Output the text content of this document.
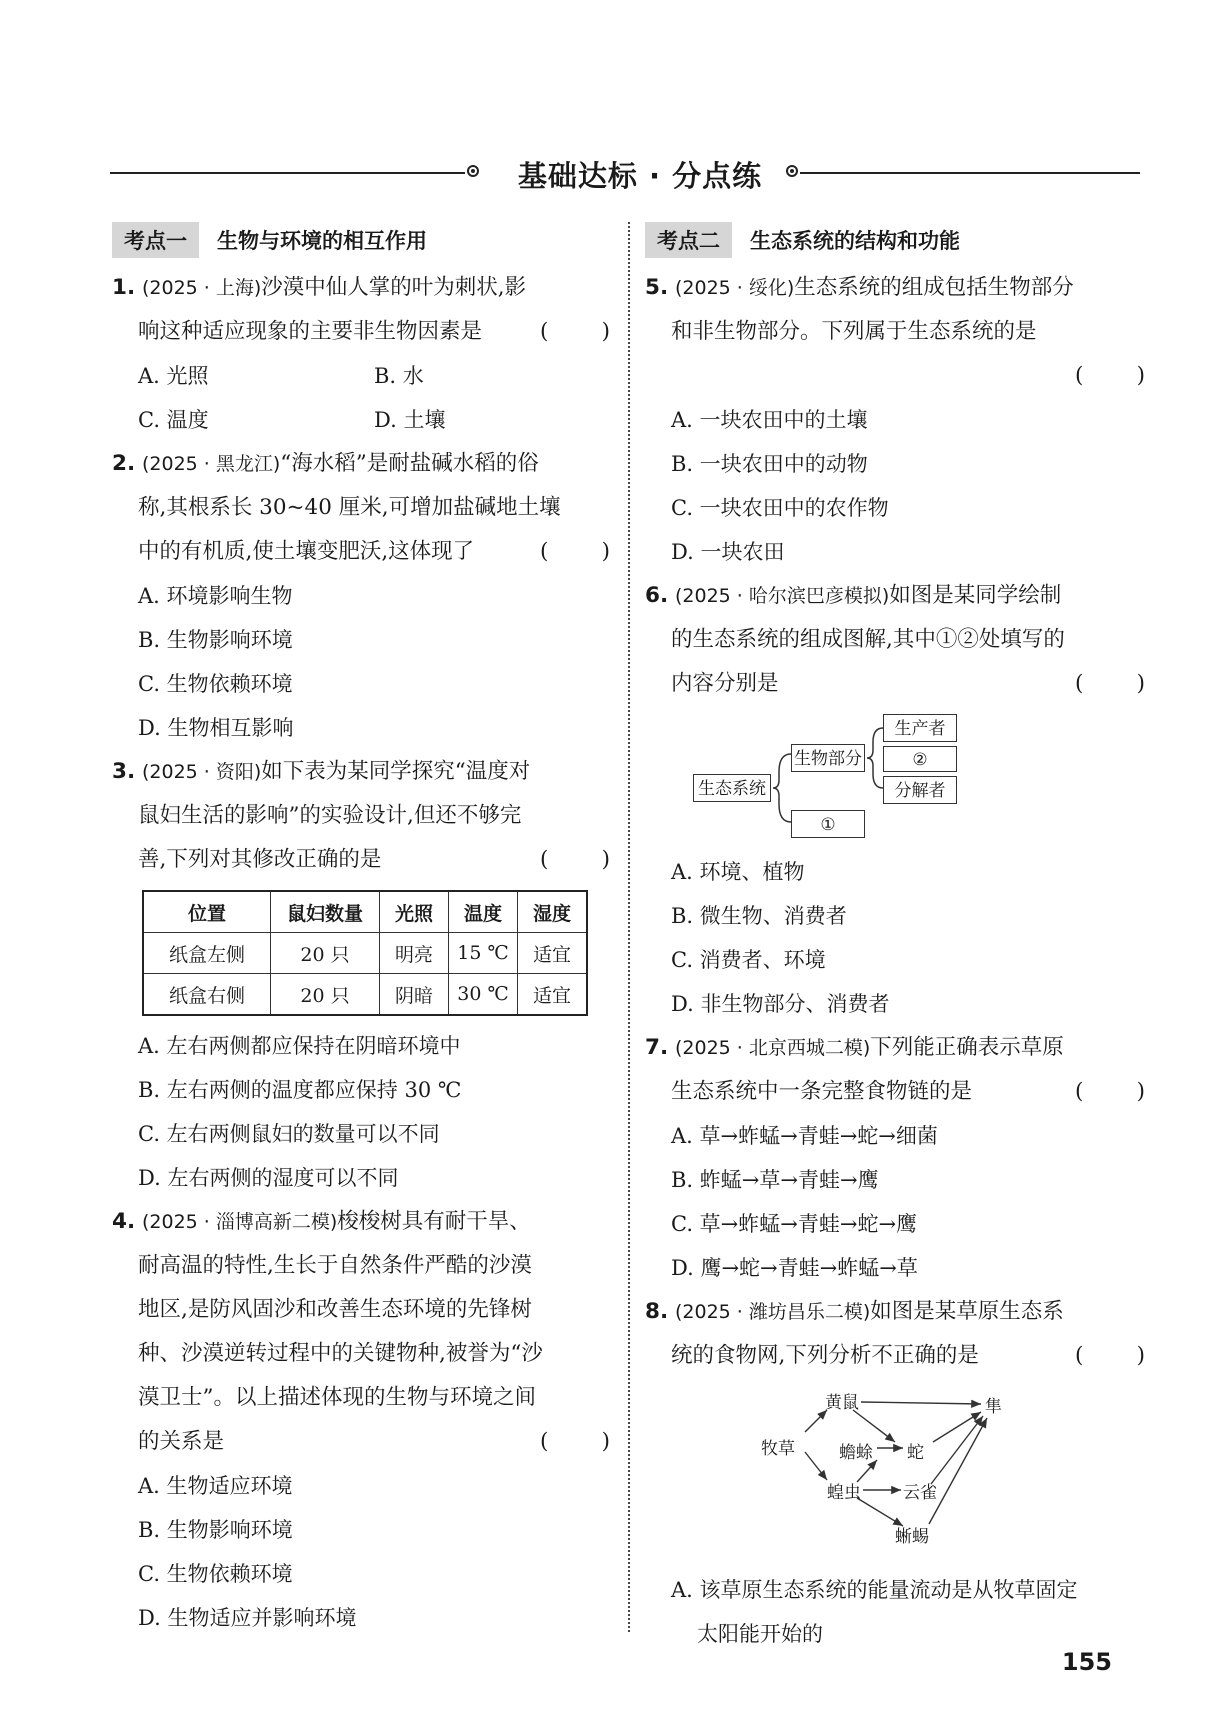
基础达标 · 分点练
考点一	生物与环境的相互作用
1. (2025 · 上海)沙漠中仙人掌的叶为刺状,影
响这种适应现象的主要非生物因素是
( )
A. 光照	B. 水
C. 温度	D. 土壤
2. (2025 · 黑龙江)“海水稻”是耐盐碱水稻的俗
称,其根系长 30~40 厘米,可增加盐碱地土壤
中的有机质,使土壤变肥沃,这体现了
( )
A. 环境影响生物
B. 生物影响环境
C. 生物依赖环境
D. 生物相互影响
3. (2025 · 资阳)如下表为某同学探究“温度对
鼠妇生活的影响”的实验设计,但还不够完
善,下列对其修改正确的是
( )
位置	鼠妇数量	光照	温度	湿度
纸盒左侧	20 只	明亮	15 ℃	适宜
纸盒右侧	20 只	阴暗	30 ℃	适宜
A. 左右两侧都应保持在阴暗环境中
B. 左右两侧的温度都应保持 30 ℃
C. 左右两侧鼠妇的数量可以不同
D. 左右两侧的湿度可以不同
4. (2025 · 淄博高新二模)梭梭树具有耐干旱、
耐高温的特性,生长于自然条件严酷的沙漠
地区,是防风固沙和改善生态环境的先锋树
种、沙漠逆转过程中的关键物种,被誉为“沙
漠卫士”。以上描述体现的生物与环境之间
的关系是
( )
A. 生物适应环境
B. 生物影响环境
C. 生物依赖环境
D. 生物适应并影响环境
考点二	生态系统的结构和功能
5. (2025 · 绥化)生态系统的组成包括生物部分
和非生物部分。下列属于生态系统的是
( )
A. 一块农田中的土壤
B. 一块农田中的动物
C. 一块农田中的农作物
D. 一块农田
6. (2025 · 哈尔滨巴彦模拟)如图是某同学绘制
的生态系统的组成图解,其中①②处填写的
内容分别是
( )
生态系统
生物部分
①
生产者
②
分解者
A. 环境、植物
B. 微生物、消费者
C. 消费者、环境
D. 非生物部分、消费者
7. (2025 · 北京西城二模)下列能正确表示草原
生态系统中一条完整食物链的是
( )
A. 草→蚱蜢→青蛙→蛇→细菌
B. 蚱蜢→草→青蛙→鹰
C. 草→蚱蜢→青蛙→蛇→鹰
D. 鹰→蛇→青蛙→蚱蜢→草
8. (2025 · 潍坊昌乐二模)如图是某草原生态系
统的食物网,下列分析不正确的是
( )
牧草
黄鼠
蟾蜍
蝗虫
蛇
云雀
蜥蜴
隼
A. 该草原生态系统的能量流动是从牧草固定
太阳能开始的
155
